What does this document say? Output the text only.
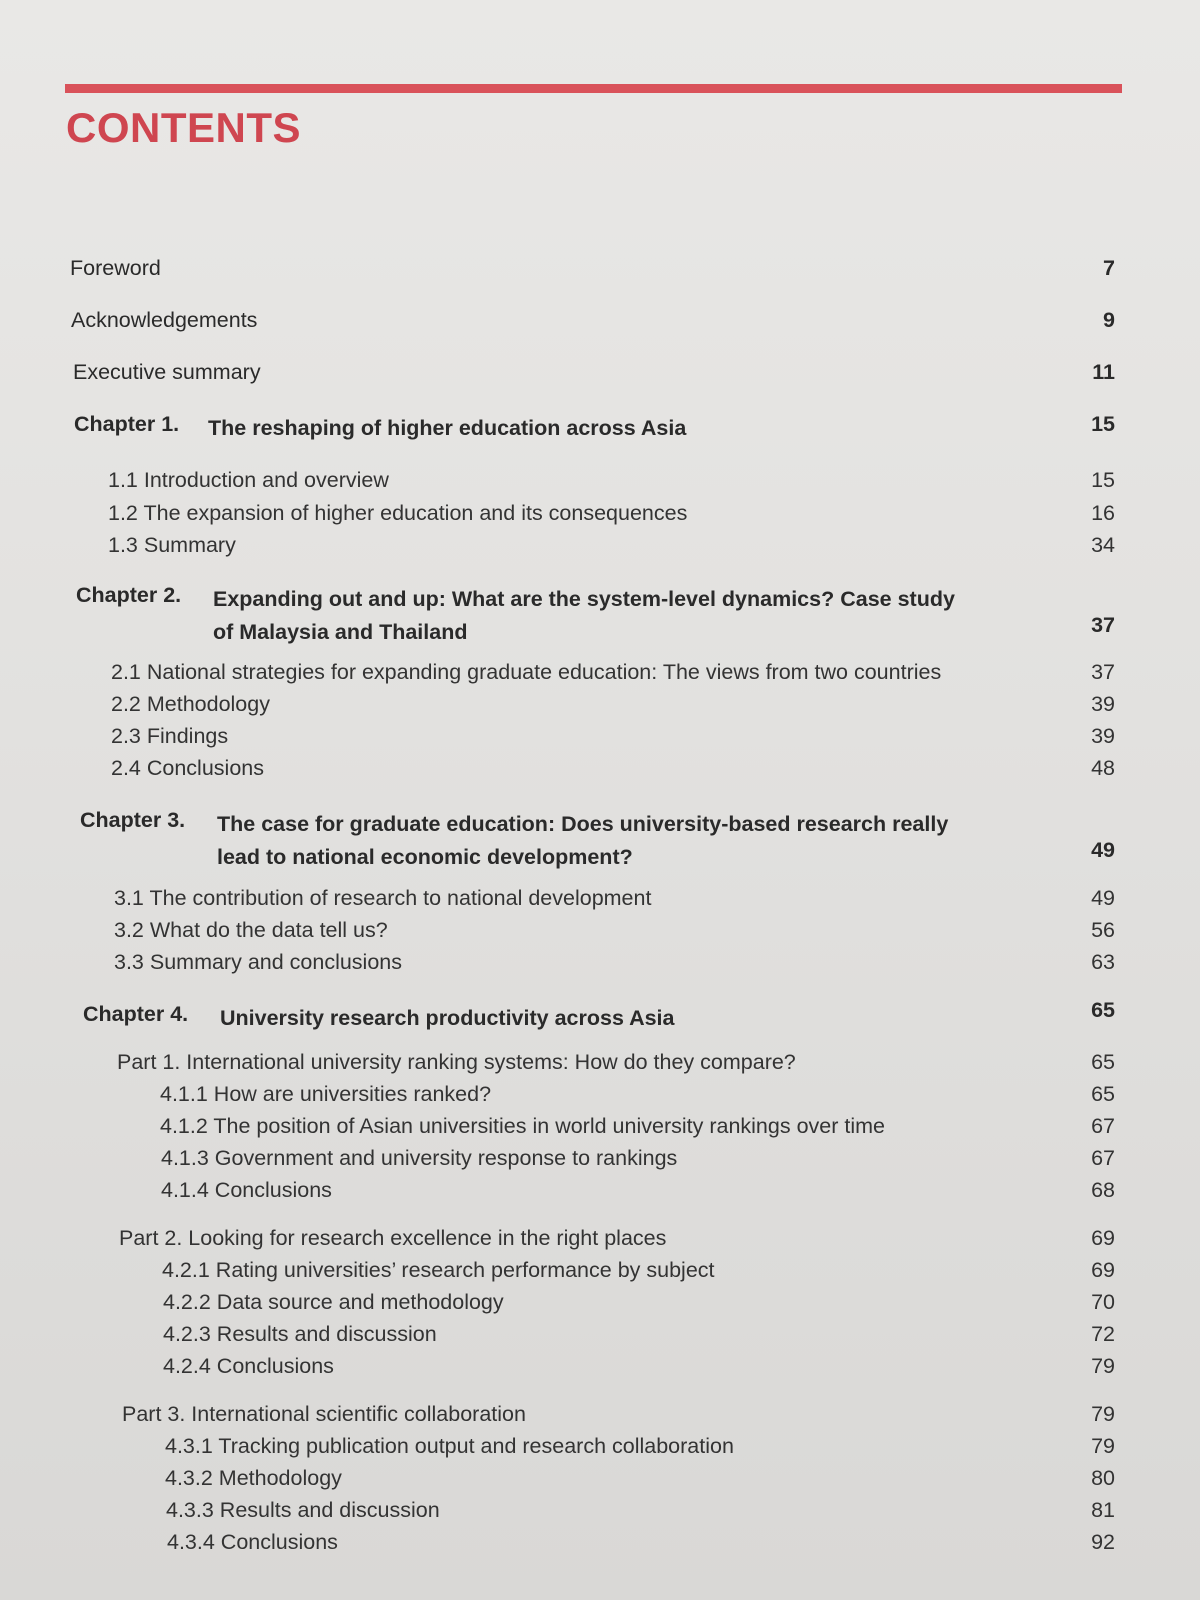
CONTENTS
Foreword	7
Acknowledgements	9
Executive summary	11
Chapter 1. The reshaping of higher education across Asia	15
1.1 Introduction and overview	15
1.2 The expansion of higher education and its consequences	16
1.3 Summary	34
Chapter 2. Expanding out and up: What are the system-level dynamics? Case study of Malaysia and Thailand	37
2.1 National strategies for expanding graduate education: The views from two countries	37
2.2 Methodology	39
2.3 Findings	39
2.4 Conclusions	48
Chapter 3. The case for graduate education: Does university-based research really lead to national economic development?	49
3.1 The contribution of research to national development	49
3.2 What do the data tell us?	56
3.3 Summary and conclusions	63
Chapter 4. University research productivity across Asia	65
Part 1. International university ranking systems: How do they compare?	65
4.1.1 How are universities ranked?	65
4.1.2 The position of Asian universities in world university rankings over time	67
4.1.3 Government and university response to rankings	67
4.1.4 Conclusions	68
Part 2. Looking for research excellence in the right places	69
4.2.1 Rating universities’ research performance by subject	69
4.2.2 Data source and methodology	70
4.2.3 Results and discussion	72
4.2.4 Conclusions	79
Part 3. International scientific collaboration	79
4.3.1 Tracking publication output and research collaboration	79
4.3.2 Methodology	80
4.3.3 Results and discussion	81
4.3.4 Conclusions	92
